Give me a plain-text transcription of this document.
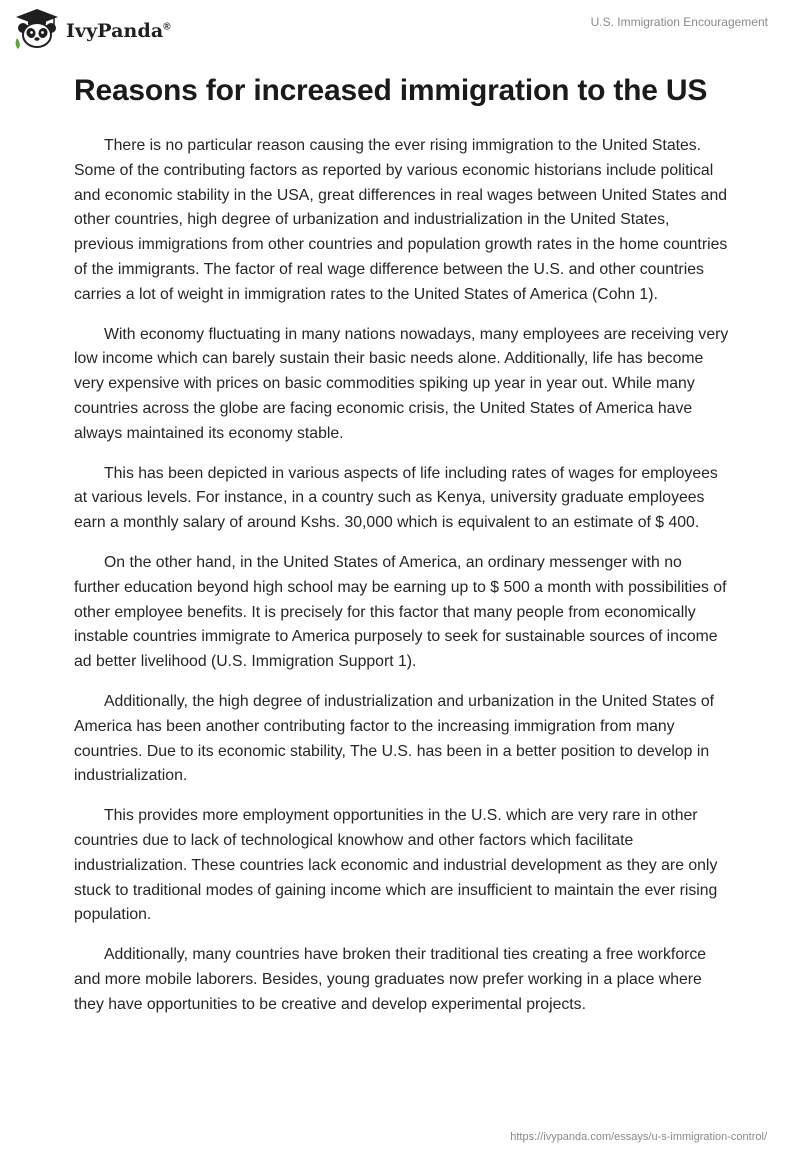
IvyPanda®	U.S. Immigration Encouragement
Reasons for increased immigration to the US

There is no particular reason causing the ever rising immigration to the United States. Some of the contributing factors as reported by various economic historians include political and economic stability in the USA, great differences in real wages between United States and other countries, high degree of urbanization and industrialization in the United States, previous immigrations from other countries and population growth rates in the home countries of the immigrants. The factor of real wage difference between the U.S. and other countries carries a lot of weight in immigration rates to the United States of America (Cohn 1).

With economy fluctuating in many nations nowadays, many employees are receiving very low income which can barely sustain their basic needs alone. Additionally, life has become very expensive with prices on basic commodities spiking up year in year out. While many countries across the globe are facing economic crisis, the United States of America have always maintained its economy stable.

This has been depicted in various aspects of life including rates of wages for employees at various levels. For instance, in a country such as Kenya, university graduate employees earn a monthly salary of around Kshs. 30,000 which is equivalent to an estimate of $ 400.

On the other hand, in the United States of America, an ordinary messenger with no further education beyond high school may be earning up to $ 500 a month with possibilities of other employee benefits. It is precisely for this factor that many people from economically instable countries immigrate to America purposely to seek for sustainable sources of income ad better livelihood (U.S. Immigration Support 1).

Additionally, the high degree of industrialization and urbanization in the United States of America has been another contributing factor to the increasing immigration from many countries. Due to its economic stability, The U.S. has been in a better position to develop in industrialization.

This provides more employment opportunities in the U.S. which are very rare in other countries due to lack of technological knowhow and other factors which facilitate industrialization. These countries lack economic and industrial development as they are only stuck to traditional modes of gaining income which are insufficient to maintain the ever rising population.

Additionally, many countries have broken their traditional ties creating a free workforce and more mobile laborers. Besides, young graduates now prefer working in a place where they have opportunities to be creative and develop experimental projects.

https://ivypanda.com/essays/u-s-immigration-control/
